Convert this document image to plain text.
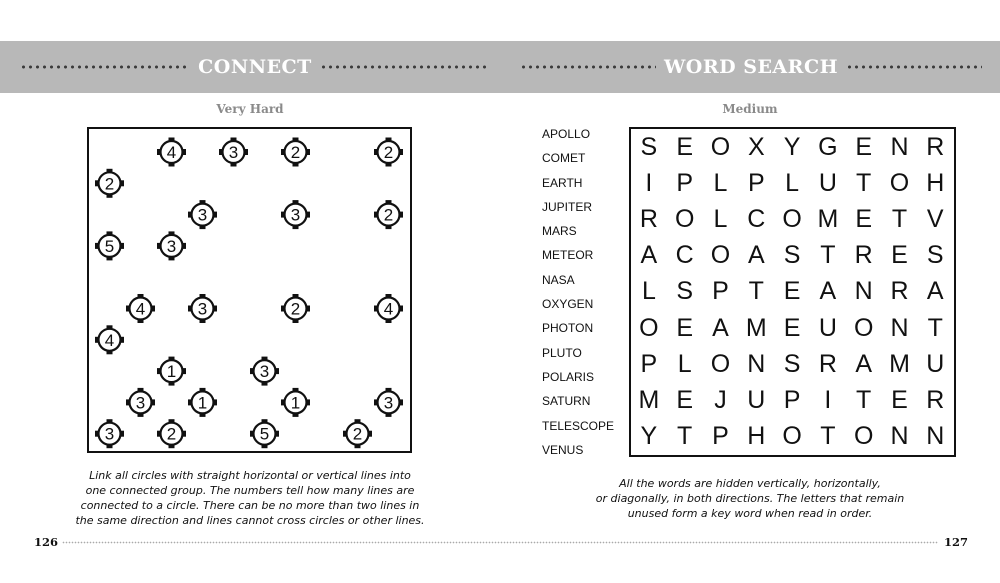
CONNECT	WORD SEARCH
Very Hard	Medium
4	3	2	2
2
3	3	2
5	3
4	3	2	4
4
1	3
3	1	1	3
3	2	5	2
APOLLO
COMET
EARTH
JUPITER
MARS
METEOR
NASA
OXYGEN
PHOTON
PLUTO
POLARIS
SATURN
TELESCOPE
VENUS
S E O X Y G E N R
I P L P L U T O H
R O L C O M E T V
A C O A S T R E S
L S P T E A N R A
O E A M E U O N T
P L O N S R A M U
M E J U P I T E R
Y T P H O T O N N
Link all circles with straight horizontal or vertical lines into
one connected group. The numbers tell how many lines are
connected to a circle. There can be no more than two lines in
the same direction and lines cannot cross circles or other lines.
All the words are hidden vertically, horizontally,
or diagonally, in both directions. The letters that remain
unused form a key word when read in order.
126	127
